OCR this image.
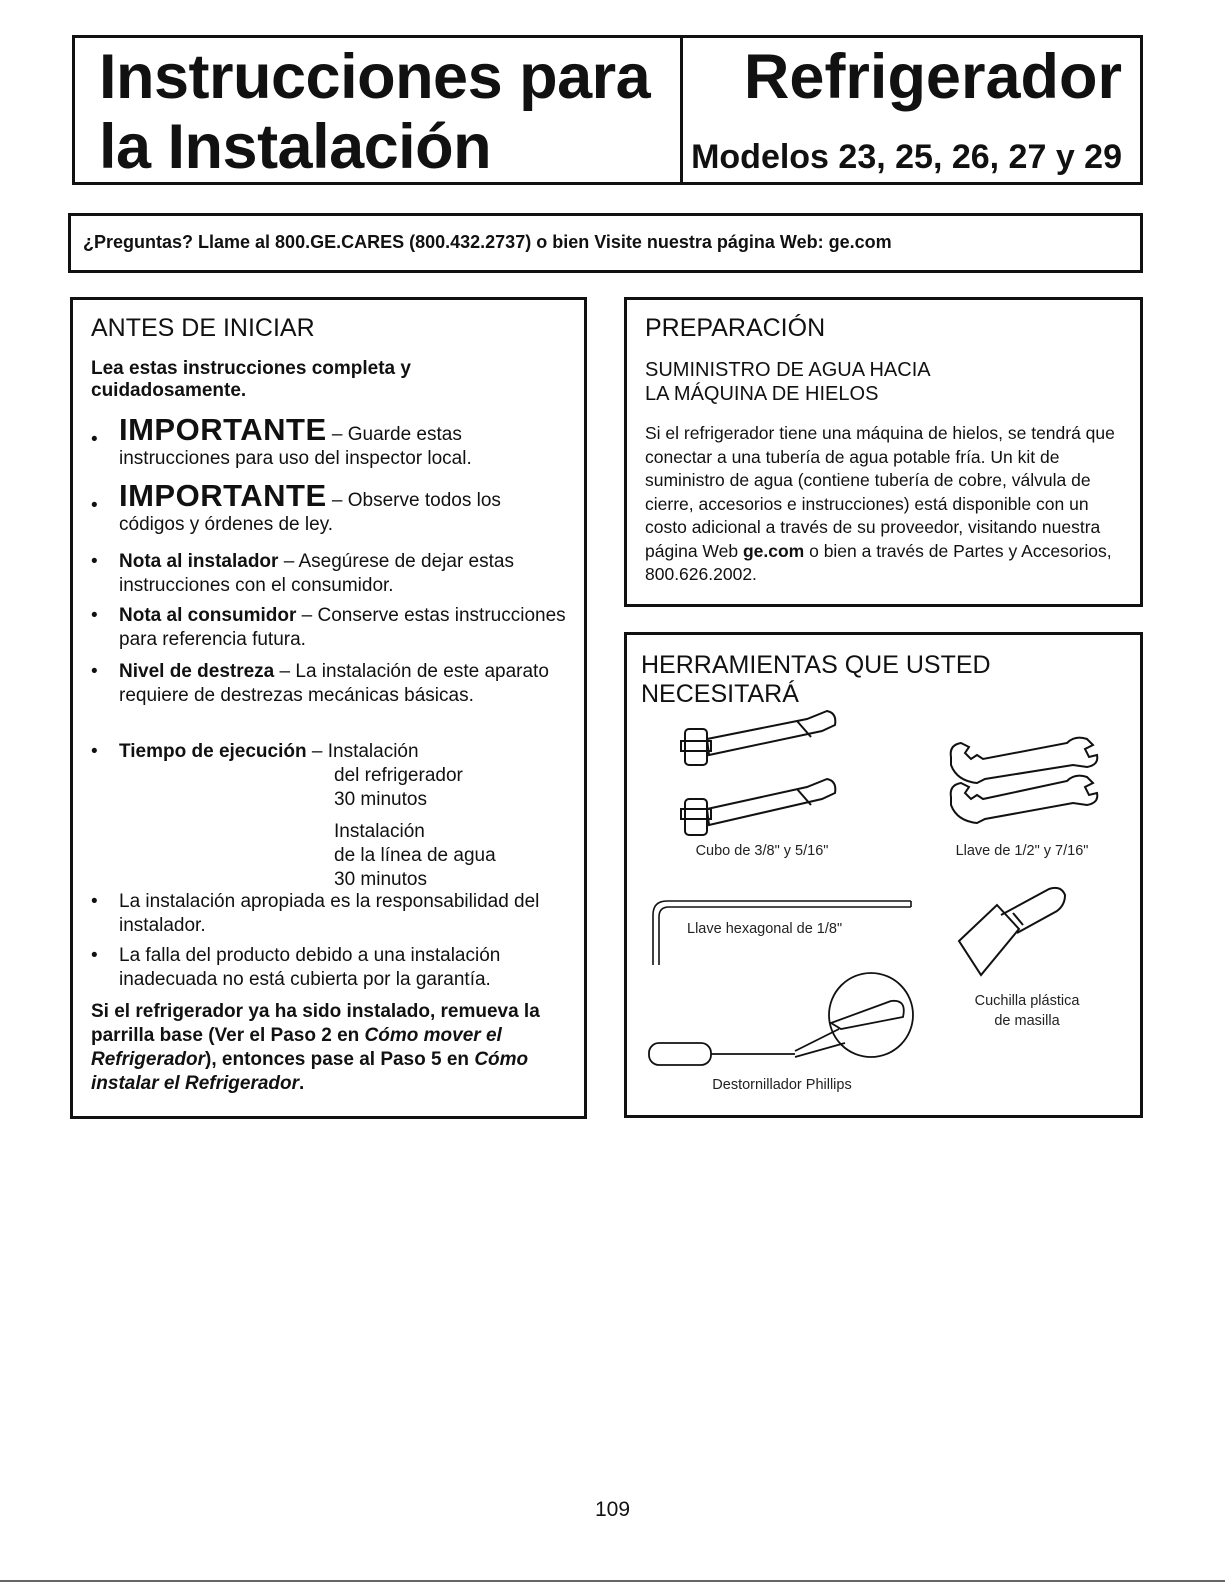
Instrucciones para
la Instalación
Refrigerador
Modelos 23, 25, 26, 27 y 29
¿Preguntas? Llame al 800.GE.CARES (800.432.2737) o bien Visite nuestra página Web: ge.com
ANTES DE INICIAR
Lea estas instrucciones completa y cuidadosamente.
• IMPORTANTE – Guarde estas instrucciones para uso del inspector local.
• IMPORTANTE – Observe todos los códigos y órdenes de ley.
• Nota al instalador – Asegúrese de dejar estas instrucciones con el consumidor.
• Nota al consumidor – Conserve estas instrucciones para referencia futura.
• Nivel de destreza – La instalación de este aparato requiere de destrezas mecánicas básicas.
• Tiempo de ejecución – Instalación
del refrigerador
30 minutos
Instalación
de la línea de agua
30 minutos
• La instalación apropiada es la responsabilidad del instalador.
• La falla del producto debido a una instalación inadecuada no está cubierta por la garantía.
Si el refrigerador ya ha sido instalado, remueva la parrilla base (Ver el Paso 2 en Cómo mover el Refrigerador), entonces pase al Paso 5 en Cómo instalar el Refrigerador.
PREPARACIÓN
SUMINISTRO DE AGUA HACIA
LA MÁQUINA DE HIELOS
Si el refrigerador tiene una máquina de hielos, se tendrá que conectar a una tubería de agua potable fría. Un kit de suministro de agua (contiene tubería de cobre, válvula de cierre, accesorios e instrucciones) está disponible con un costo adicional a través de su proveedor, visitando nuestra página Web ge.com o bien a través de Partes y Accesorios, 800.626.2002.
HERRAMIENTAS QUE USTED NECESITARÁ
Cubo de 3/8" y 5/16"	Llave de 1/2" y 7/16"
Llave hexagonal de 1/8"
Cuchilla plástica
de masilla
Destornillador Phillips
109
